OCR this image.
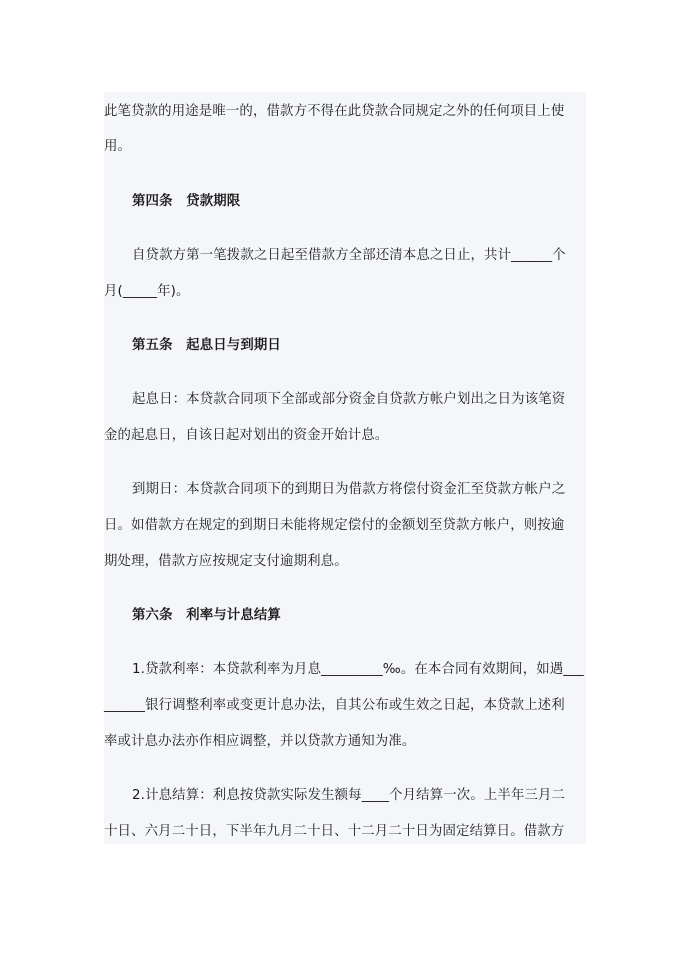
此笔贷款的用途是唯一的，借款方不得在此贷款合同规定之外的任何项目上使

用。

第四条　贷款期限

自贷款方第一笔拨款之日起至借款方全部还清本息之日止，共计______个

月(_____年)。

第五条　起息日与到期日

起息日：本贷款合同项下全部或部分资金自贷款方帐户划出之日为该笔资

金的起息日，自该日起对划出的资金开始计息。

到期日：本贷款合同项下的到期日为借款方将偿付资金汇至贷款方帐户之

日。如借款方在规定的到期日未能将规定偿付的金额划至贷款方帐户，则按逾

期处理，借款方应按规定支付逾期利息。

第六条　利率与计息结算

1.贷款利率：本贷款利率为月息_________‰。在本合同有效期间，如遇___

______银行调整利率或变更计息办法，自其公布或生效之日起，本贷款上述利

率或计息办法亦作相应调整，并以贷款方通知为准。

2.计息结算：利息按贷款实际发生额每____个月结算一次。上半年三月二

十日、六月二十日，下半年九月二十日、十二月二十日为固定结算日。借款方
